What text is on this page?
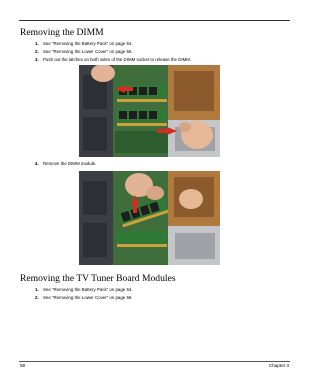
Removing the DIMM
1. See “Removing the Battery Pack” on page 54.
2. See “Removing the Lower Cover” on page 56..
3. Push out the latches on both sides of the DIMM socket to release the DIMM.
4. Remove the DIMM module.
Removing the TV Tuner Board Modules
1. See “Removing the Battery Pack” on page 54.
2. See “Removing the Lower Cover” on page 56.
58	Chapter 3
